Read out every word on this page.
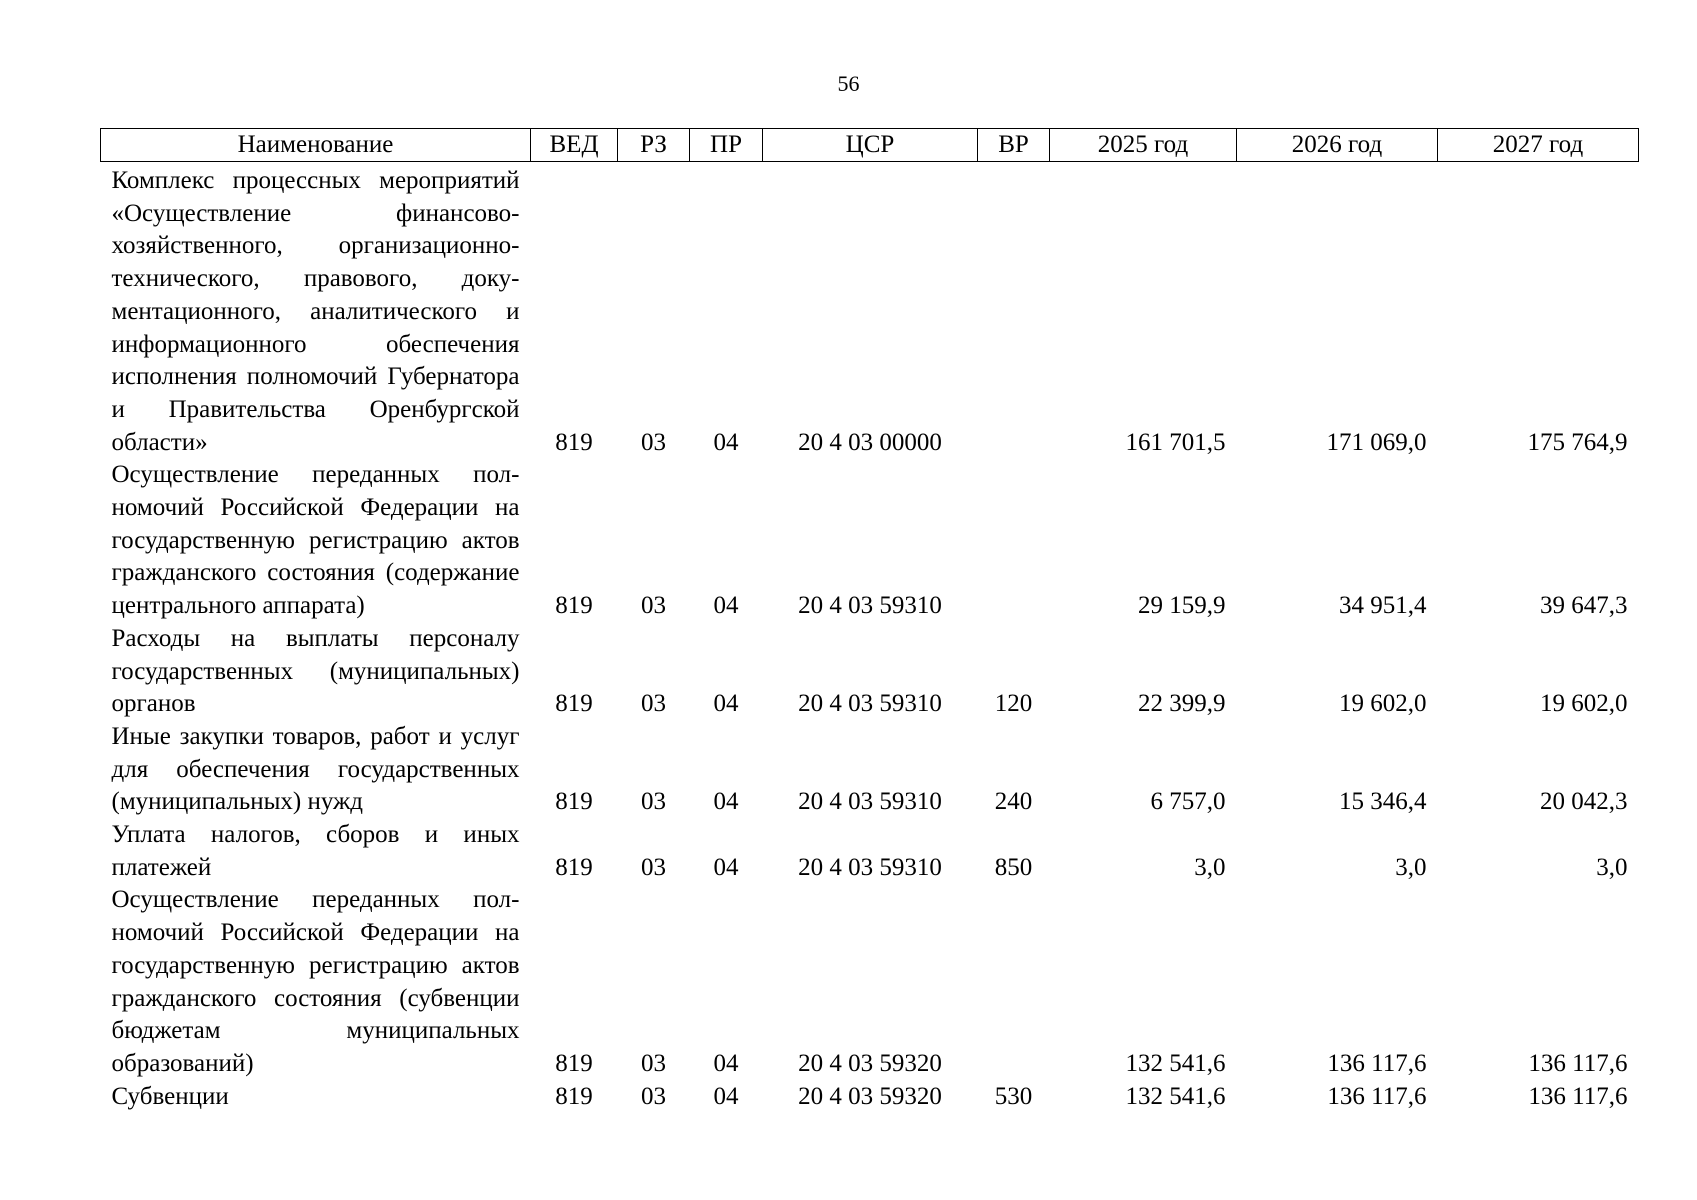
56
Наименование	ВЕД	РЗ	ПР	ЦСР	ВР	2025 год	2026 год	2027 год
Комплекс процессных мероприятий «Осуществление финансово-хозяйственного, организационно-технического, правового, документационного, аналитического и информационного обеспечения исполнения полномочий Губернатора и Правительства Оренбургской области»	819	03	04	20 4 03 00000		161 701,5	171 069,0	175 764,9
Осуществление переданных полномочий Российской Федерации на государственную регистрацию актов гражданского состояния (содержание центрального аппарата)	819	03	04	20 4 03 59310		29 159,9	34 951,4	39 647,3
Расходы на выплаты персоналу государственных (муниципальных) органов	819	03	04	20 4 03 59310	120	22 399,9	19 602,0	19 602,0
Иные закупки товаров, работ и услуг для обеспечения государственных (муниципальных) нужд	819	03	04	20 4 03 59310	240	6 757,0	15 346,4	20 042,3
Уплата налогов, сборов и иных платежей	819	03	04	20 4 03 59310	850	3,0	3,0	3,0
Осуществление переданных полномочий Российской Федерации на государственную регистрацию актов гражданского состояния (субвенции бюджетам муниципальных образований)	819	03	04	20 4 03 59320		132 541,6	136 117,6	136 117,6
Субвенции	819	03	04	20 4 03 59320	530	132 541,6	136 117,6	136 117,6
